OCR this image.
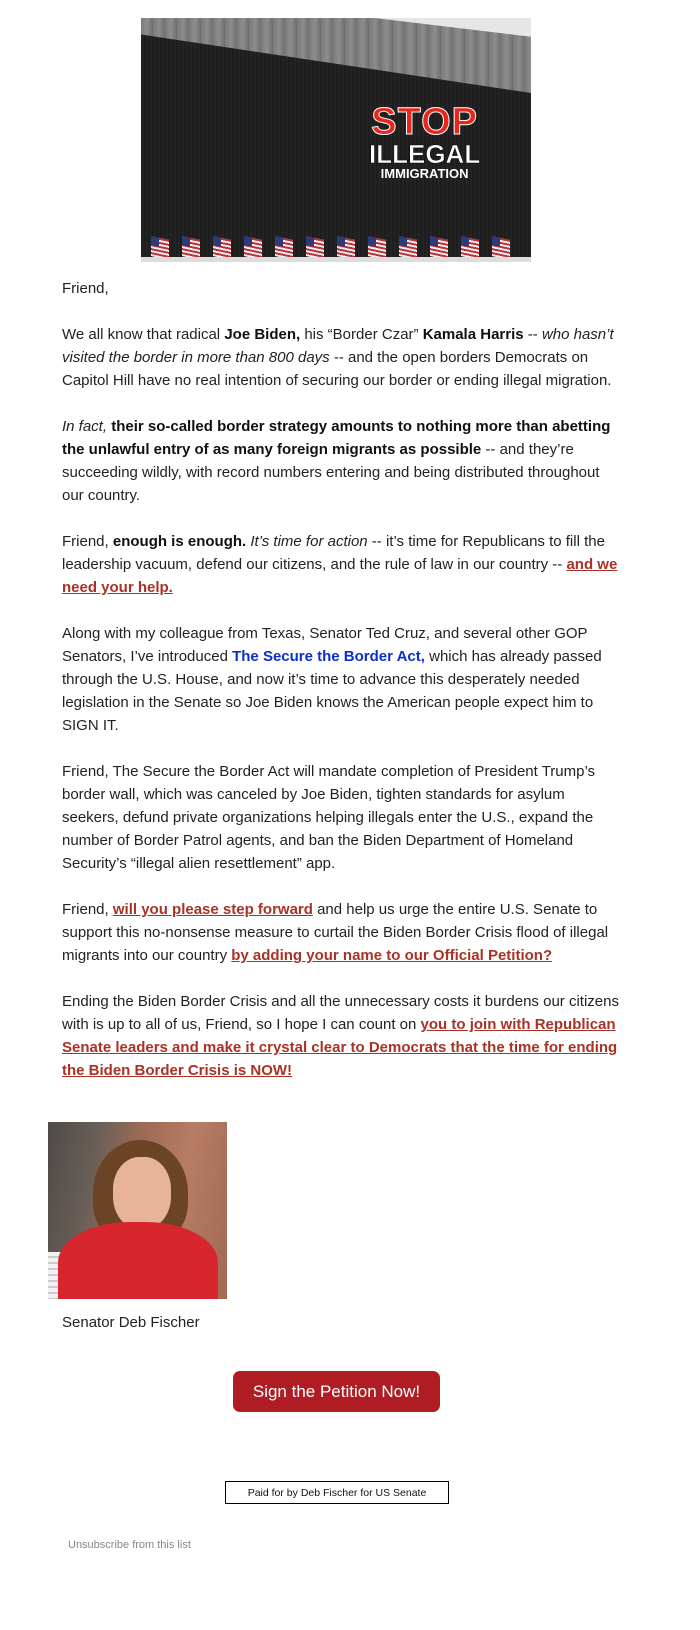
STOP
ILLEGAL
IMMIGRATION

Friend,

We all know that radical Joe Biden, his “Border Czar” Kamala Harris -- who hasn’t visited the border in more than 800 days -- and the open borders Democrats on Capitol Hill have no real intention of securing our border or ending illegal migration.

In fact, their so-called border strategy amounts to nothing more than abetting the unlawful entry of as many foreign migrants as possible -- and they’re succeeding wildly, with record numbers entering and being distributed throughout our country.

Friend, enough is enough. It’s time for action -- it’s time for Republicans to fill the leadership vacuum, defend our citizens, and the rule of law in our country -- and we need your help.

Along with my colleague from Texas, Senator Ted Cruz, and several other GOP Senators, I’ve introduced The Secure the Border Act, which has already passed through the U.S. House, and now it’s time to advance this desperately needed legislation in the Senate so Joe Biden knows the American people expect him to SIGN IT.

Friend, The Secure the Border Act will mandate completion of President Trump’s border wall, which was canceled by Joe Biden, tighten standards for asylum seekers, defund private organizations helping illegals enter the U.S., expand the number of Border Patrol agents, and ban the Biden Department of Homeland Security’s “illegal alien resettlement” app.

Friend, will you please step forward and help us urge the entire U.S. Senate to support this no-nonsense measure to curtail the Biden Border Crisis flood of illegal migrants into our country by adding your name to our Official Petition?

Ending the Biden Border Crisis and all the unnecessary costs it burdens our citizens with is up to all of us, Friend, so I hope I can count on you to join with Republican Senate leaders and make it crystal clear to Democrats that the time for ending the Biden Border Crisis is NOW!

Senator Deb Fischer
Sign the Petition Now!
Paid for by Deb Fischer for US Senate
Unsubscribe from this list
